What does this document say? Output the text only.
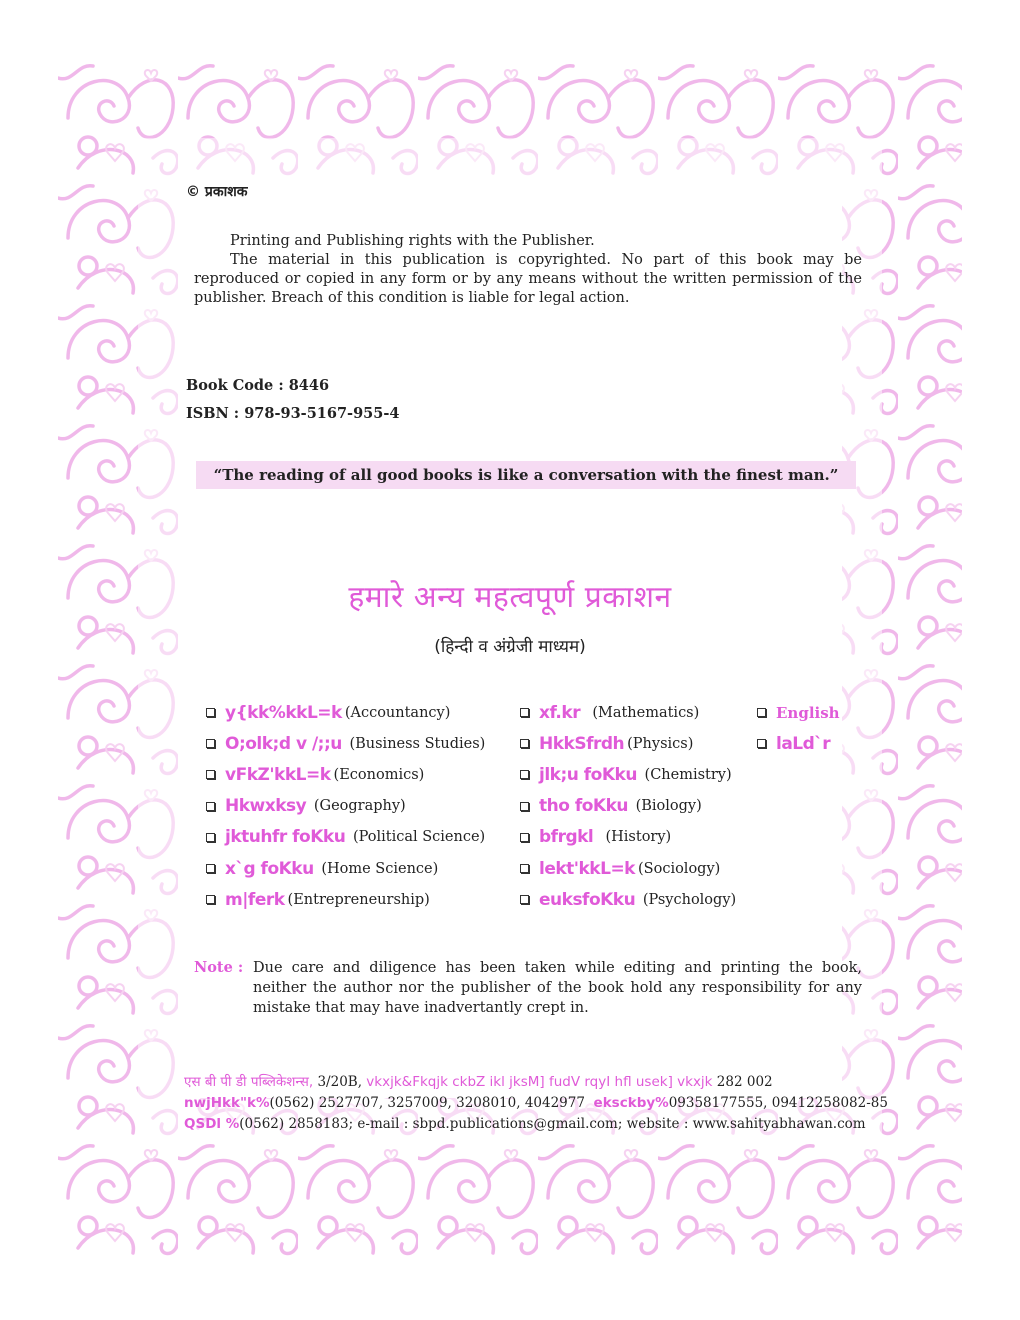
© प्रकाशक

Printing and Publishing rights with the Publisher.

The material in this publication is copyrighted. No part of this book may be reproduced or copied in any form or by any means without the written permission of the publisher. Breach of this condition is liable for legal action.

Book Code : 8446
ISBN : 978-93-5167-955-4
“The reading of all good books is like a conversation with the finest man.”
हमारे अन्य महत्वपूर्ण प्रकाशन
(हिन्दी व अंग्रेजी माध्यम)
y{kk%kkL=k (Accountancy)
O;olk;d v /;;u
(Business Studies)
vFkZ'kkL=k (Economics)
Hkwxksy
(Geography)
jktuhfr foKku
(Political Science)
x`g foKku
(Home Science)
m|ferk (Entrepreneurship)
xf.kr
(Mathematics)
HkkSfrdh (Physics)
jlk;u foKku
(Chemistry)
tho foKku
(Biology)
bfrgkl
(History)
lekt'kkL=k (Sociology)
euksfoKku
(Psychology)
English
laLd`r
Note : Due care and diligence has been taken while editing and printing the book, neither the author nor the publisher of the book hold any responsibility for any mistake that may have inadvertantly crept in.
एस बी पी डी पब्लिकेशन्स, 3/20B, vkxjk&Fkqjk ckbZ ikl jksM] fudV rqyI hfl usek] vkxjk 282 002
nwjHkk"k%(0562) 2527707, 3257009, 3208010, 4042977 eksckby%09358177555, 09412258082-85
QSDl %(0562) 2858183; e-mail : sbpd.publications@gmail.com; website : www.sahityabhawan.com
